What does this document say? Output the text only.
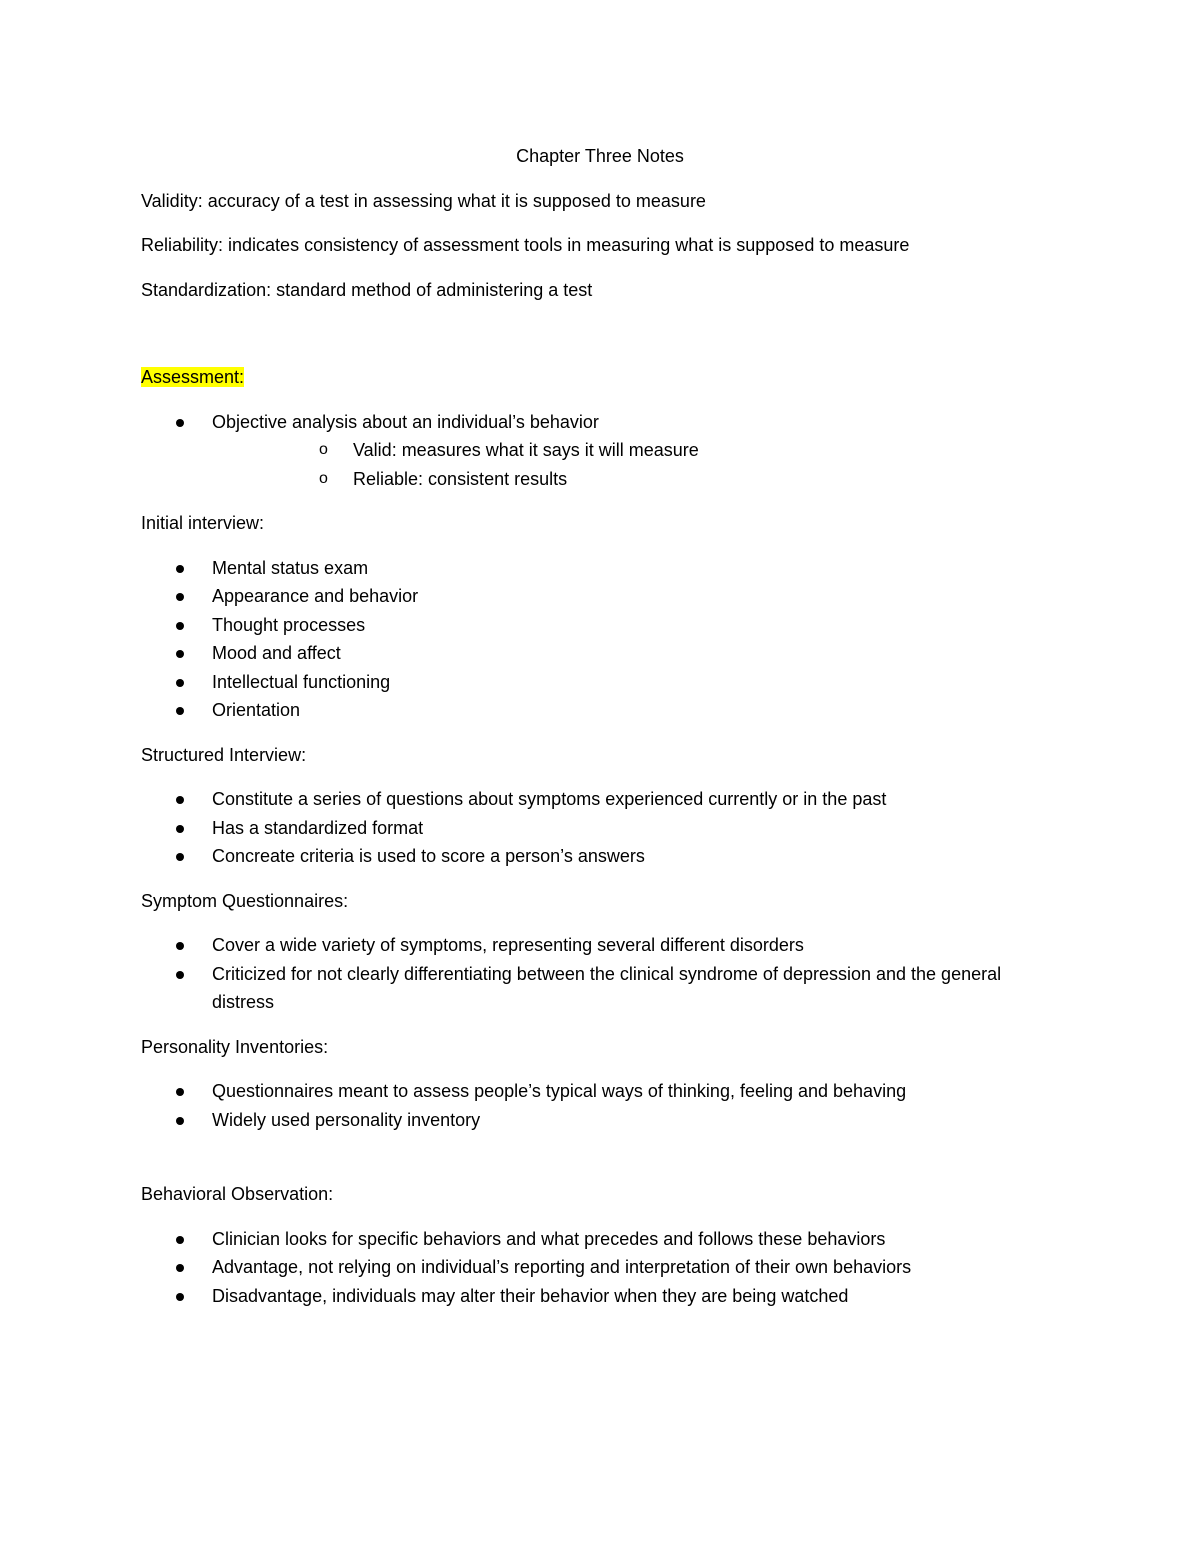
Chapter Three Notes
Validity: accuracy of a test in assessing what it is supposed to measure
Reliability: indicates consistency of assessment tools in measuring what is supposed to measure
Standardization: standard method of administering a test
Assessment:
Objective analysis about an individual’s behavior
o Valid: measures what it says it will measure
o Reliable: consistent results
Initial interview:
Mental status exam
Appearance and behavior
Thought processes
Mood and affect
Intellectual functioning
Orientation
Structured Interview:
Constitute a series of questions about symptoms experienced currently or in the past
Has a standardized format
Concreate criteria is used to score a person’s answers
Symptom Questionnaires:
Cover a wide variety of symptoms, representing several different disorders
Criticized for not clearly differentiating between the clinical syndrome of depression and the general distress
Personality Inventories:
Questionnaires meant to assess people’s typical ways of thinking, feeling and behaving
Widely used personality inventory
Behavioral Observation:
Clinician looks for specific behaviors and what precedes and follows these behaviors
Advantage, not relying on individual’s reporting and interpretation of their own behaviors
Disadvantage, individuals may alter their behavior when they are being watched
